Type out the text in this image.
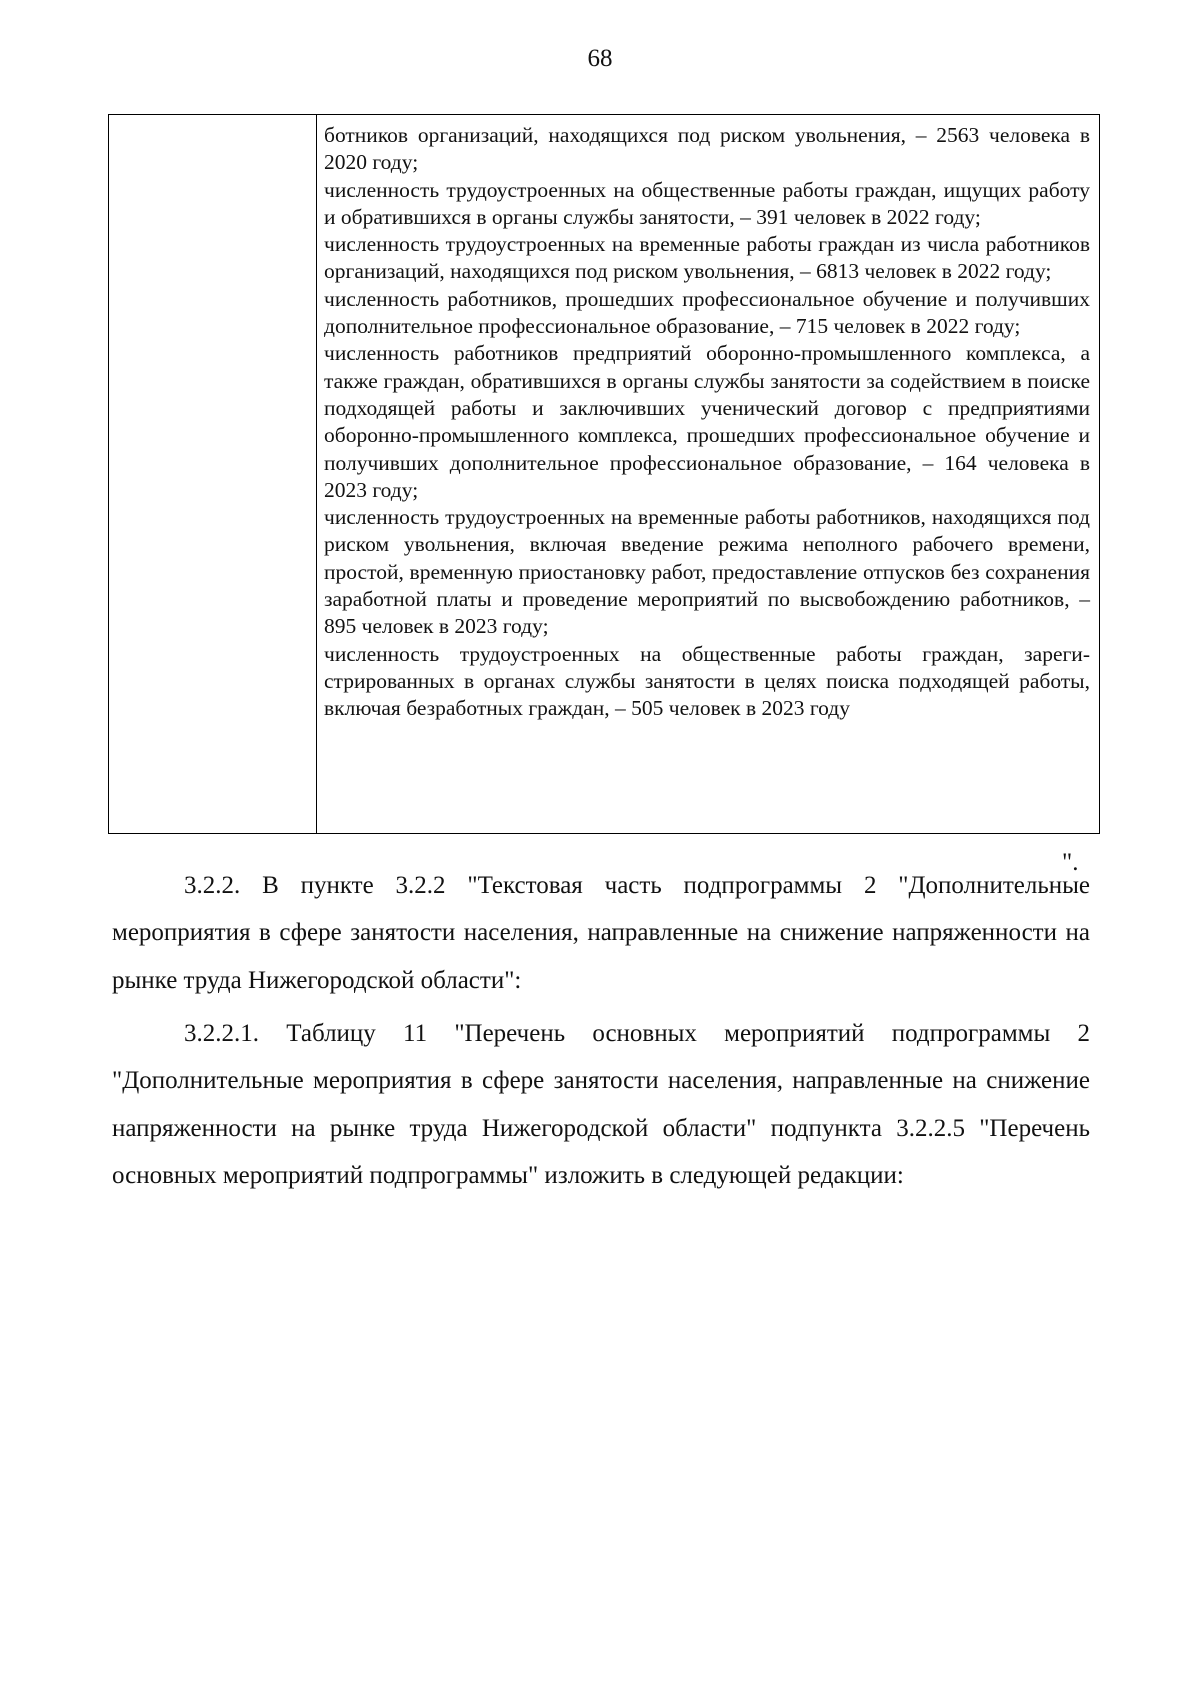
68

ботников организаций, находящихся под риском увольнения, – 2563 человека в 2020 году;
численность трудоустроенных на общественные работы граждан, ищущих работу и обратившихся в органы службы занятости, – 391 человек в 2022 году;
численность трудоустроенных на временные работы граждан из числа работников организаций, находящихся под риском увольнения, – 6813 человек в 2022 году;
численность работников, прошедших профессиональное обучение и получивших дополнительное профессиональное образование, – 715 человек в 2022 году;
численность работников предприятий оборонно-промышленного комплекса, а также граждан, обратившихся в органы службы занятости за содействием в поиске подходящей работы и заключивших ученический договор с предприятиями оборонно-промышленного комплекса, прошедших профессиональное обучение и получивших дополнительное профессиональное образование, – 164 человека в 2023 году;
численность трудоустроенных на временные работы работников, находящихся под риском увольнения, включая введение режима неполного рабочего времени, простой, временную приостановку работ, предоставление отпусков без сохранения заработной платы и проведение мероприятий по высвобождению работников, – 895 человек в 2023 году;
численность трудоустроенных на общественные работы граждан, зарегистрированных в органах службы занятости в целях поиска подходящей работы, включая безработных граждан, – 505 человек в 2023 году
".

3.2.2. В пункте 3.2.2 "Текстовая часть подпрограммы 2 "Дополнительные мероприятия в сфере занятости населения, направленные на снижение напряженности на рынке труда Нижегородской области":

3.2.2.1. Таблицу 11 "Перечень основных мероприятий подпрограммы 2 "Дополнительные мероприятия в сфере занятости населения, направленные на снижение напряженности на рынке труда Нижегородской области" подпункта 3.2.2.5 "Перечень основных мероприятий подпрограммы" изложить в следующей редакции:
